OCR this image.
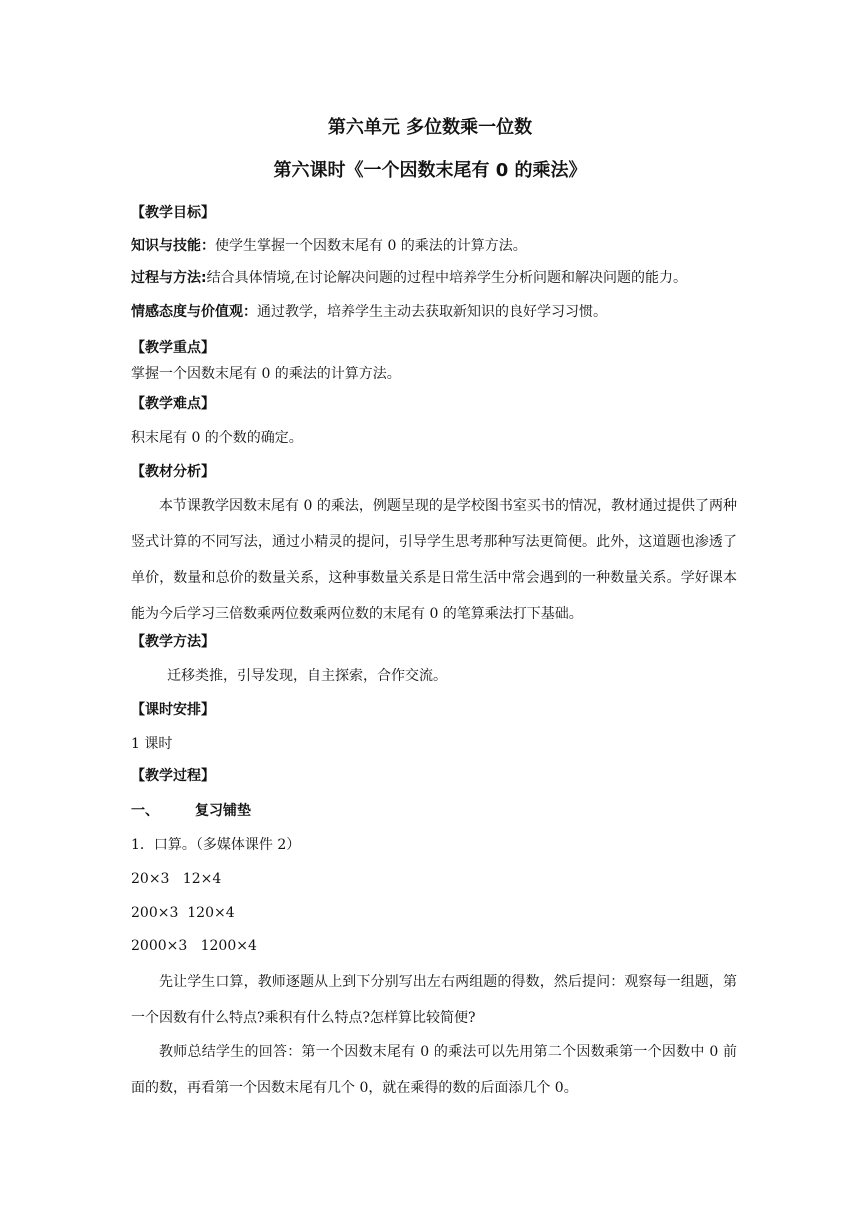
第六单元 多位数乘一位数
第六课时《一个因数末尾有 0 的乘法》
【教学目标】
知识与技能：使学生掌握一个因数末尾有 0 的乘法的计算方法。
过程与方法:结合具体情境,在讨论解决问题的过程中培养学生分析问题和解决问题的能力。
情感态度与价值观：通过教学，培养学生主动去获取新知识的良好学习习惯。
【教学重点】
掌握一个因数末尾有 0 的乘法的计算方法。
【教学难点】
积末尾有 0 的个数的确定。
【教材分析】
本节课教学因数末尾有 0 的乘法，例题呈现的是学校图书室买书的情况，教材通过提供了两种竖式计算的不同写法，通过小精灵的提问，引导学生思考那种写法更简便。此外，这道题也渗透了单价，数量和总价的数量关系，这种事数量关系是日常生活中常会遇到的一种数量关系。学好课本能为今后学习三倍数乘两位数乘两位数的末尾有 0 的笔算乘法打下基础。
【教学方法】
迁移类推，引导发现，自主探索，合作交流。
【课时安排】
1 课时
【教学过程】
一、	复习铺垫
1．口算。（多媒体课件 2）
20×3   12×4
200×3  120×4
2000×3   1200×4
先让学生口算，教师逐题从上到下分别写出左右两组题的得数，然后提问：观察每一组题，第一个因数有什么特点?乘积有什么特点?怎样算比较简便?
教师总结学生的回答：第一个因数末尾有 0 的乘法可以先用第二个因数乘第一个因数中 0 前面的数，再看第一个因数末尾有几个 0，就在乘得的数的后面添几个 0。
